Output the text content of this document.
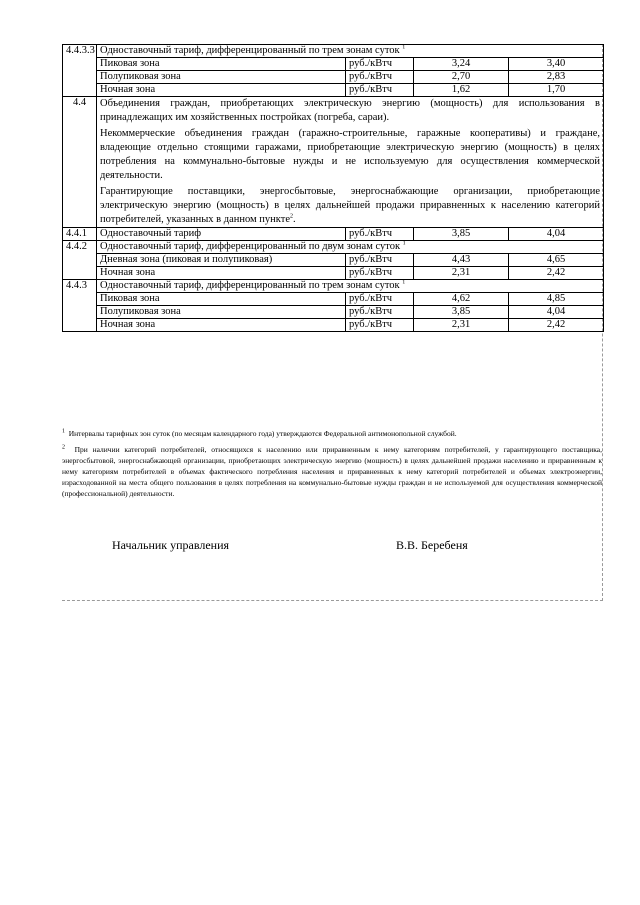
4.4.3.3	Одноставочный тариф, дифференцированный по трем зонам суток $^1$
	Пиковая зона	руб./кВтч	3,24	3,40
	Полупиковая зона	руб./кВтч	2,70	2,83
	Ночная зона	руб./кВтч	1,62	1,70
4.4	Объединения граждан, приобретающих электрическую энергию (мощность) для использования в принадлежащих им хозяйственных постройках (погреба, сараи).

Некоммерческие объединения граждан (гаражно-строительные, гаражные кооперативы) и граждане, владеющие отдельно стоящими гаражами, приобретающие электрическую энергию (мощность) в целях потребления на коммунально-бытовые нужды и не используемую для осуществления коммерческой деятельности.

Гарантирующие поставщики, энергосбытовые, энергоснабжающие организации, приобретающие электрическую энергию (мощность) в целях дальнейшей продажи приравненных к населению категорий потребителей, указанных в данном пункте$^2$.			

4.4.1	Одноставочный тариф	руб./кВтч	3,85	4,04
4.4.2	Одноставочный тариф, дифференцированный по двум зонам суток $^1$
	Дневная зона (пиковая и полупиковая)	руб./кВтч	4,43	4,65
	Ночная зона	руб./кВтч	2,31	2,42
4.4.3	Одноставочный тариф, дифференцированный по трем зонам суток $^1$
	Пиковая зона	руб./кВтч	4,62	4,85
	Полупиковая зона	руб./кВтч	3,85	4,04
	Ночная зона	руб./кВтч	2,31	2,42

$^1$ Интервалы тарифных зон суток (по месяцам календарного года) утверждаются Федеральной антимонопольной службой.

$^2$ При наличии категорий потребителей, относящихся к населению или приравненным к нему категориям потребителей, у гарантирующего поставщика, энергосбытовой, энергоснабжающей организации, приобретающих электрическую энергию (мощность) в целях дальнейшей продажи населению и приравненным к нему категориям потребителей в объемах фактического потребления населения и приравненных к нему категорий потребителей и объемах электроэнергии, израсходованной на места общего пользования в целях потребления на коммунально-бытовые нужды граждан и не используемой для осуществления коммерческой (профессиональной) деятельности.

Начальник управления	В.В. Беребеня
